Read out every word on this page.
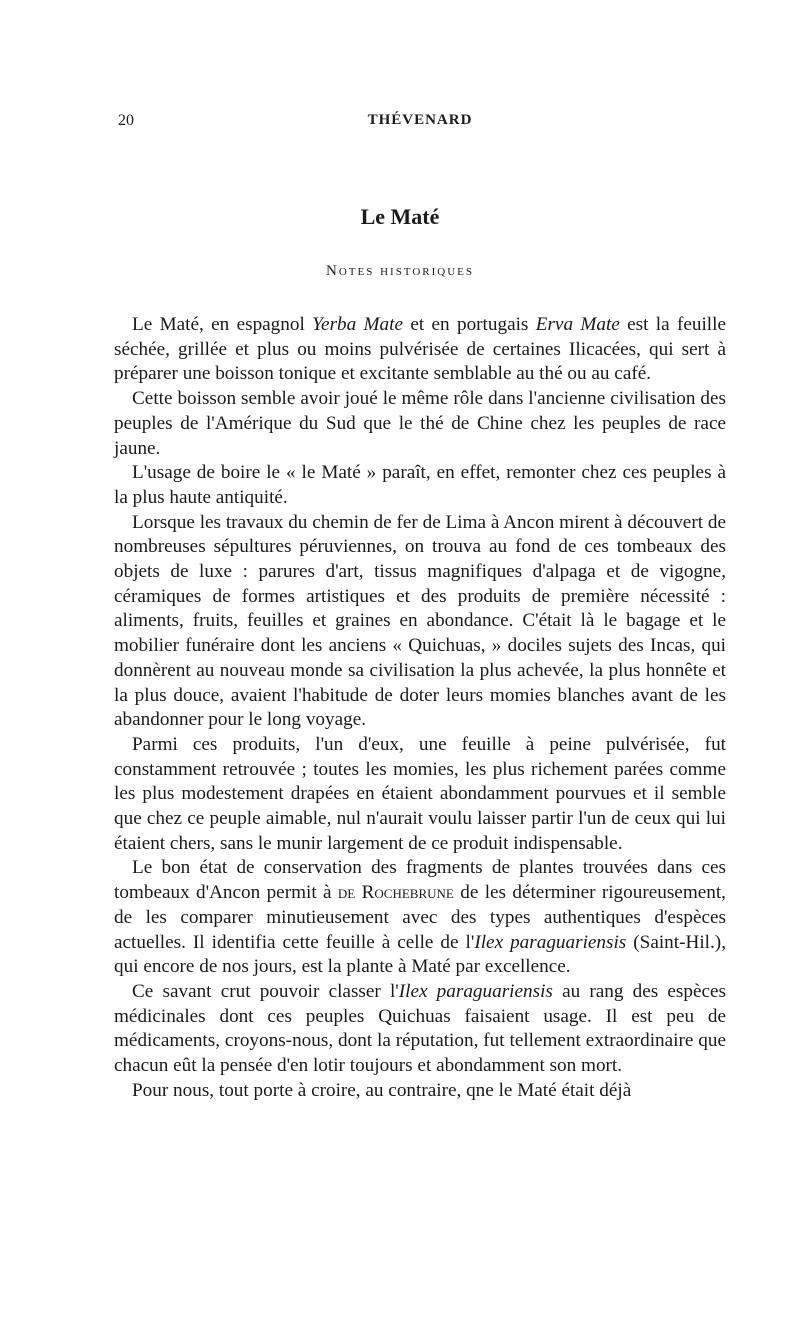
20	THÉVENARD
Le Maté
Notes historiques

Le Maté, en espagnol Yerba Mate et en portugais Erva Mate est la feuille séchée, grillée et plus ou moins pulvérisée de certaines Ilicacées, qui sert à préparer une boisson tonique et excitante semblable au thé ou au café.

Cette boisson semble avoir joué le même rôle dans l'ancienne civilisation des peuples de l'Amérique du Sud que le thé de Chine chez les peuples de race jaune.

L'usage de boire le « le Maté » paraît, en effet, remonter chez ces peuples à la plus haute antiquité.

Lorsque les travaux du chemin de fer de Lima à Ancon mirent à découvert de nombreuses sépultures péruviennes, on trouva au fond de ces tombeaux des objets de luxe : parures d'art, tissus magnifiques d'alpaga et de vigogne, céramiques de formes artistiques et des produits de première nécessité : aliments, fruits, feuilles et graines en abondance. C'était là le bagage et le mobilier funéraire dont les anciens « Quichuas, » dociles sujets des Incas, qui donnèrent au nouveau monde sa civilisation la plus achevée, la plus honnête et la plus douce, avaient l'habitude de doter leurs momies blanches avant de les abandonner pour le long voyage.

Parmi ces produits, l'un d'eux, une feuille à peine pulvérisée, fut constamment retrouvée ; toutes les momies, les plus richement parées comme les plus modestement drapées en étaient abondamment pourvues et il semble que chez ce peuple aimable, nul n'aurait voulu laisser partir l'un de ceux qui lui étaient chers, sans le munir largement de ce produit indispensable.

Le bon état de conservation des fragments de plantes trouvées dans ces tombeaux d'Ancon permit à de Rochebrune de les déterminer rigoureusement, de les comparer minutieusement avec des types authentiques d'espèces actuelles. Il identifia cette feuille à celle de l'Ilex paraguariensis (Saint-Hil.), qui encore de nos jours, est la plante à Maté par excellence.

Ce savant crut pouvoir classer l'Ilex paraguariensis au rang des espèces médicinales dont ces peuples Quichuas faisaient usage. Il est peu de médicaments, croyons-nous, dont la réputation, fut tellement extraordinaire que chacun eût la pensée d'en lotir toujours et abondamment son mort.

Pour nous, tout porte à croire, au contraire, qne le Maté était déjà
